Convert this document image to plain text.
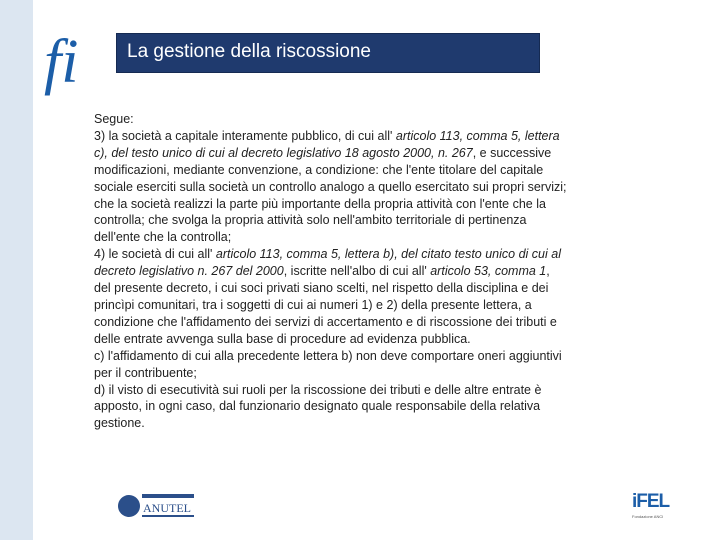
fi	La gestione della riscossione

Segue:

3) la società a capitale interamente pubblico, di cui all' articolo 113, comma 5, lettera c), del testo unico di cui al decreto legislativo 18 agosto 2000, n. 267, e successive modificazioni, mediante convenzione, a condizione: che l'ente titolare del capitale sociale eserciti sulla società un controllo analogo a quello esercitato sui propri servizi; che la società realizzi la parte più importante della propria attività con l'ente che la controlla; che svolga la propria attività solo nell'ambito territoriale di pertinenza dell'ente che la controlla;

4) le società di cui all' articolo 113, comma 5, lettera b), del citato testo unico di cui al decreto legislativo n. 267 del 2000, iscritte nell'albo di cui all' articolo 53, comma 1, del presente decreto, i cui soci privati siano scelti, nel rispetto della disciplina e dei princìpi comunitari, tra i soggetti di cui ai numeri 1) e 2) della presente lettera, a condizione che l'affidamento dei servizi di accertamento e di riscossione dei tributi e delle entrate avvenga sulla base di procedure ad evidenza pubblica.

c) l'affidamento di cui alla precedente lettera b) non deve comportare oneri aggiuntivi per il contribuente;

d) il visto di esecutività sui ruoli per la riscossione dei tributi e delle altre entrate è apposto, in ogni caso, dal funzionario designato quale responsabile della relativa gestione.

ANUTEL	iFEL
Fondazione ANCI
